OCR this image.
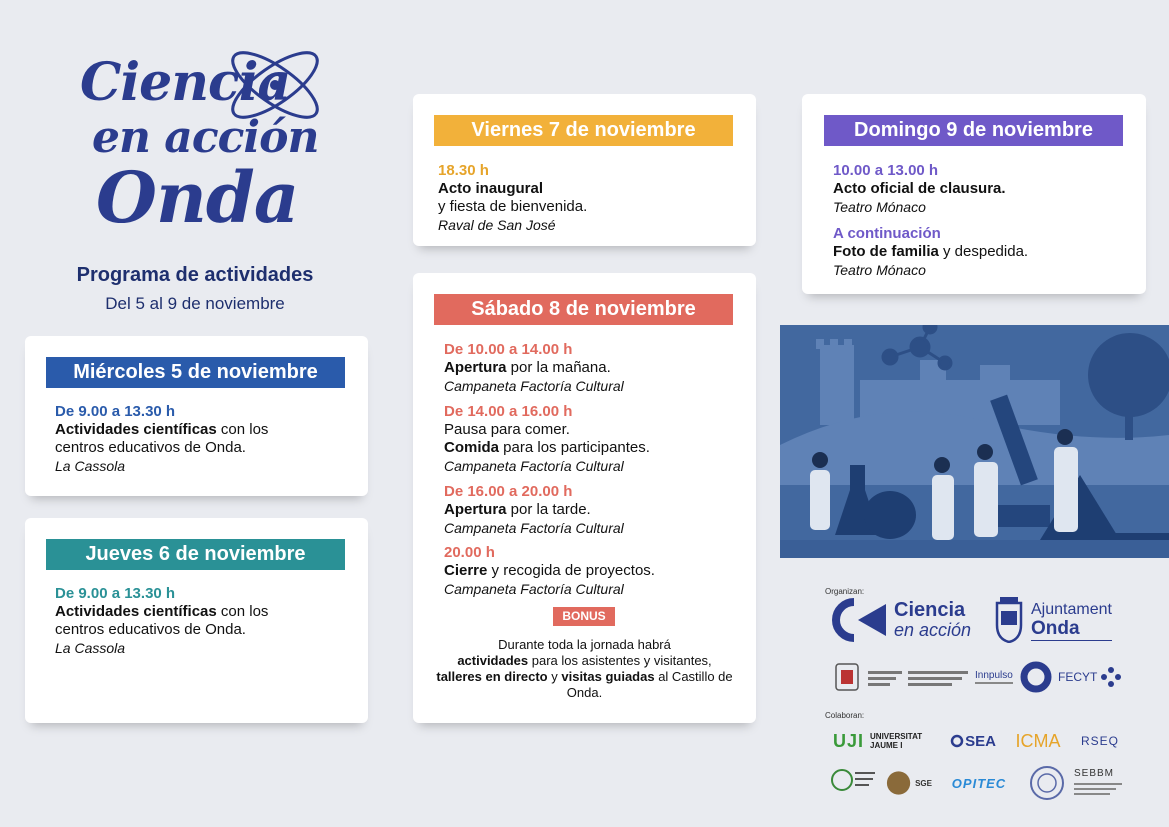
Ciencia
en acción
Onda
Programa de actividades
Del 5 al 9 de noviembre
Miércoles 5 de noviembre
De 9.00 a 13.30 h
Actividades científicas con los
centros educativos de Onda.
La Cassola
Jueves 6 de noviembre
De 9.00 a 13.30 h
Actividades científicas con los
centros educativos de Onda.
La Cassola
Viernes 7 de noviembre
18.30 h
Acto inaugural
y fiesta de bienvenida.
Raval de San José
Sábado 8 de noviembre
De 10.00 a 14.00 h
Apertura por la mañana.
Campaneta Factoría Cultural
De 14.00 a 16.00 h
Pausa para comer.
Comida para los participantes.
Campaneta Factoría Cultural
De 16.00 a 20.00 h
Apertura por la tarde.
Campaneta Factoría Cultural
20.00 h
Cierre y recogida de proyectos.
Campaneta Factoría Cultural
BONUS
Durante toda la jornada habrá
actividades para los asistentes y visitantes, talleres en directo y visitas guiadas al Castillo de Onda.
Domingo 9 de noviembre
10.00 a 13.00 h
Acto oficial de clausura.
Teatro Mónaco
A continuación
Foto de familia y despedida.
Teatro Mónaco
Organizan:
Ciencia
en acción
Ajuntament
Onda
Innpulso	FECYT
Colaboran:
UJI UNIVERSITAT
JAUME I	SEA ICMA RSEQ
SGE OPITEC
SEBBM
